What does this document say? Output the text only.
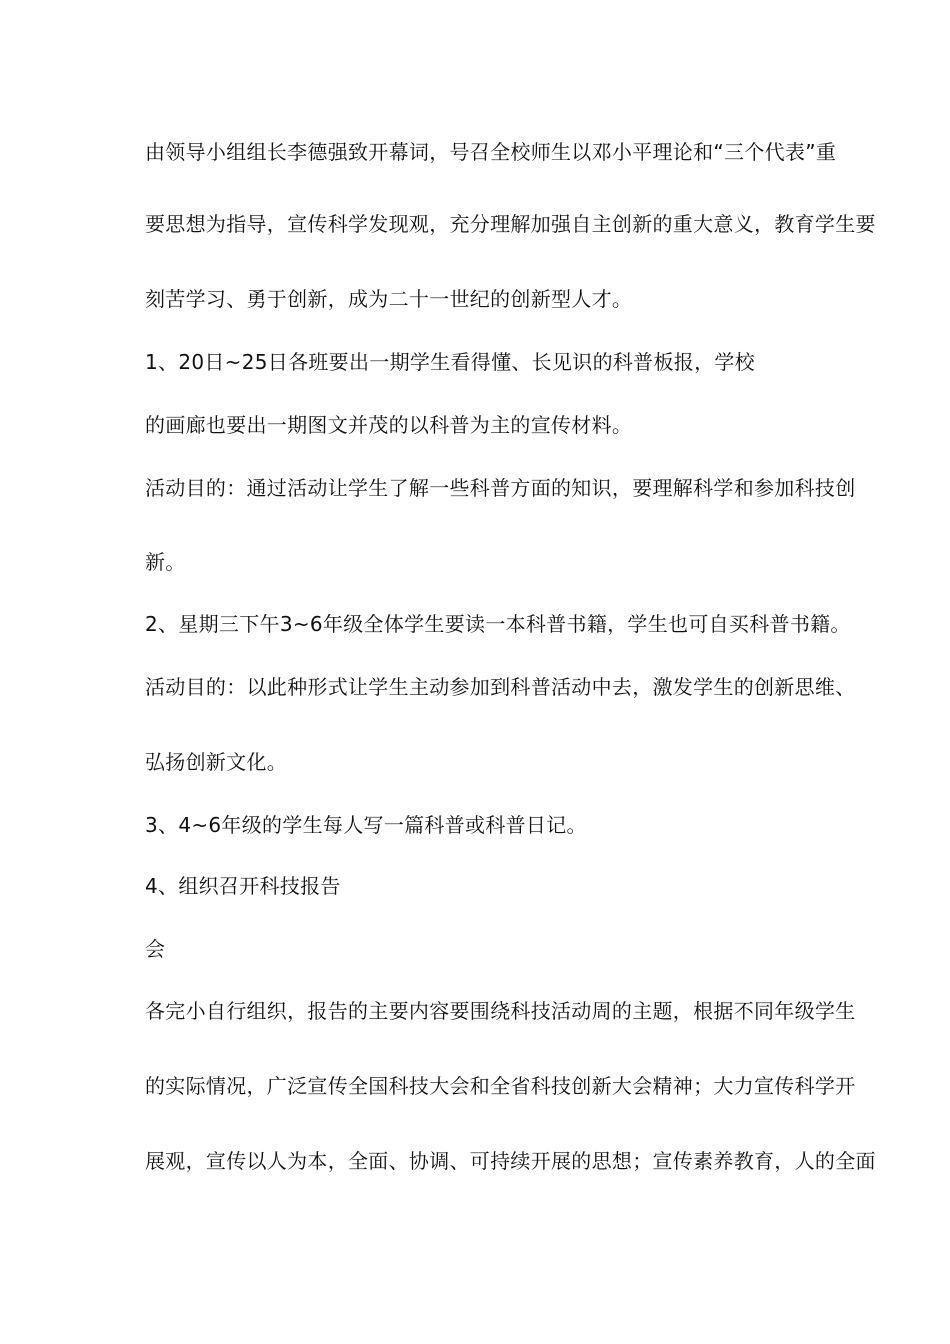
由领导小组组长李德强致开幕词，号召全校师生以邓小平理论和“三个代表”重
要思想为指导，宣传科学发现观，充分理解加强自主创新的重大意义，教育学生要
刻苦学习、勇于创新，成为二十一世纪的创新型人才。
1、20日~25日各班要出一期学生看得懂、长见识的科普板报，学校
的画廊也要出一期图文并茂的以科普为主的宣传材料。
活动目的：通过活动让学生了解一些科普方面的知识，要理解科学和参加科技创
新。
2、星期三下午3~6年级全体学生要读一本科普书籍，学生也可自买科普书籍。
活动目的：以此种形式让学生主动参加到科普活动中去，激发学生的创新思维、
弘扬创新文化。
3、4~6年级的学生每人写一篇科普或科普日记。
4、组织召开科技报告
会
各完小自行组织，报告的主要内容要围绕科技活动周的主题，根据不同年级学生
的实际情况，广泛宣传全国科技大会和全省科技创新大会精神；大力宣传科学开
展观，宣传以人为本，全面、协调、可持续开展的思想；宣传素养教育，人的全面
